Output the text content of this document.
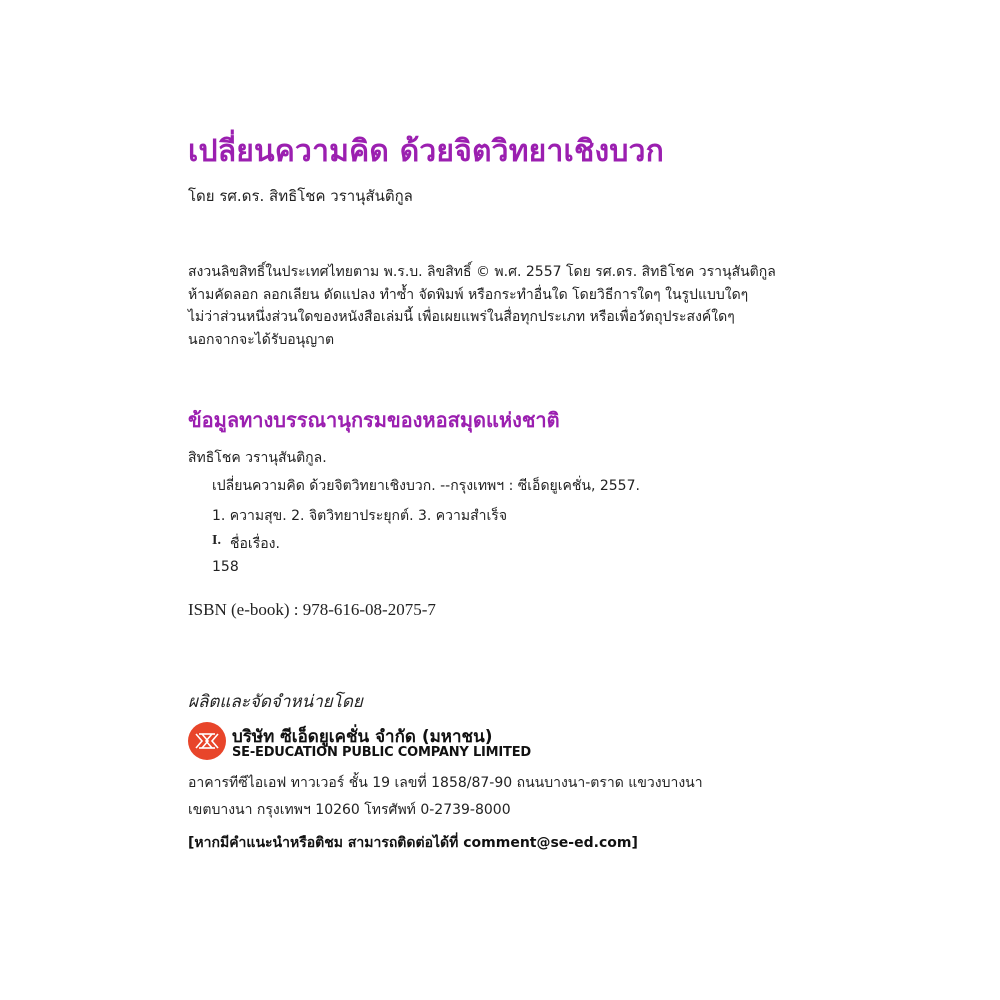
เปลี่ยนความคิด ด้วยจิตวิทยาเชิงบวก
โดย รศ.ดร. สิทธิโชค วรานุสันติกูล
สงวนลิขสิทธิ์ในประเทศไทยตาม พ.ร.บ. ลิขสิทธิ์ © พ.ศ. 2557 โดย รศ.ดร. สิทธิโชค วรานุสันติกูล
ห้ามคัดลอก ลอกเลียน ดัดแปลง ทำซ้ำ จัดพิมพ์ หรือกระทำอื่นใด โดยวิธีการใดๆ ในรูปแบบใดๆ
ไม่ว่าส่วนหนึ่งส่วนใดของหนังสือเล่มนี้ เพื่อเผยแพร่ในสื่อทุกประเภท หรือเพื่อวัตถุประสงค์ใดๆ
นอกจากจะได้รับอนุญาต
ข้อมูลทางบรรณานุกรมของหอสมุดแห่งชาติ
สิทธิโชค วรานุสันติกูล.
เปลี่ยนความคิด ด้วยจิตวิทยาเชิงบวก. --กรุงเทพฯ : ซีเอ็ดยูเคชั่น, 2557.
1. ความสุข. 2. จิตวิทยาประยุกต์. 3. ความสำเร็จ
I. ชื่อเรื่อง.
158
ISBN (e-book) : 978-616-08-2075-7
ผลิตและจัดจำหน่ายโดย
บริษัท ซีเอ็ดยูเคชั่น จำกัด (มหาชน)
SE-EDUCATION PUBLIC COMPANY LIMITED
อาคารทีซีไอเอฟ ทาวเวอร์ ชั้น 19 เลขที่ 1858/87-90 ถนนบางนา-ตราด แขวงบางนา
เขตบางนา กรุงเทพฯ 10260 โทรศัพท์ 0-2739-8000
[หากมีคำแนะนำหรือติชม สามารถติดต่อได้ที่ comment@se-ed.com]
